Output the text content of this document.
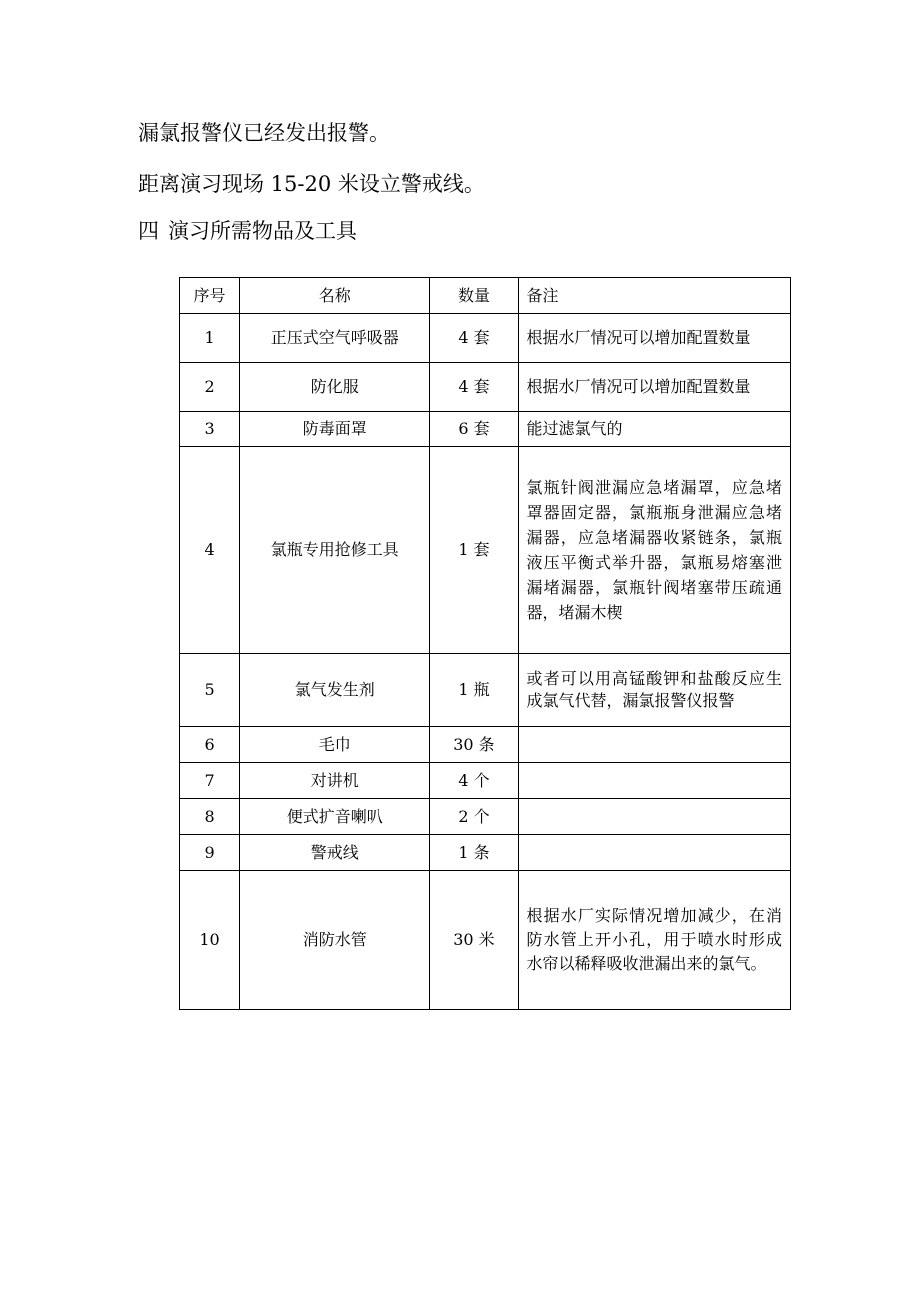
漏氯报警仪已经发出报警。

距离演习现场 15-20 米设立警戒线。

四 演习所需物品及工具

序号	名称	数量	备注
1	正压式空气呼吸器	4 套	根据水厂情况可以增加配置数量

2	防化服	4 套	根据水厂情况可以增加配置数量

3	防毒面罩	6 套	能过滤氯气的

4	氯瓶专用抢修工具	1 套	氯瓶针阀泄漏应急堵漏罩，应急堵罩器固定器，氯瓶瓶身泄漏应急堵漏器，应急堵漏器收紧链条，氯瓶液压平衡式举升器，氯瓶易熔塞泄漏堵漏器，氯瓶针阀堵塞带压疏通器，堵漏木楔

5	氯气发生剂	1 瓶	或者可以用高锰酸钾和盐酸反应生成氯气代替，漏氯报警仪报警

6	毛巾	30 条	

7	对讲机	4 个	

8	便式扩音喇叭	2 个	

9	警戒线	1 条	

10	消防水管	30 米	根据水厂实际情况增加减少，在消防水管上开小孔，用于喷水时形成水帘以稀释吸收泄漏出来的氯气。
